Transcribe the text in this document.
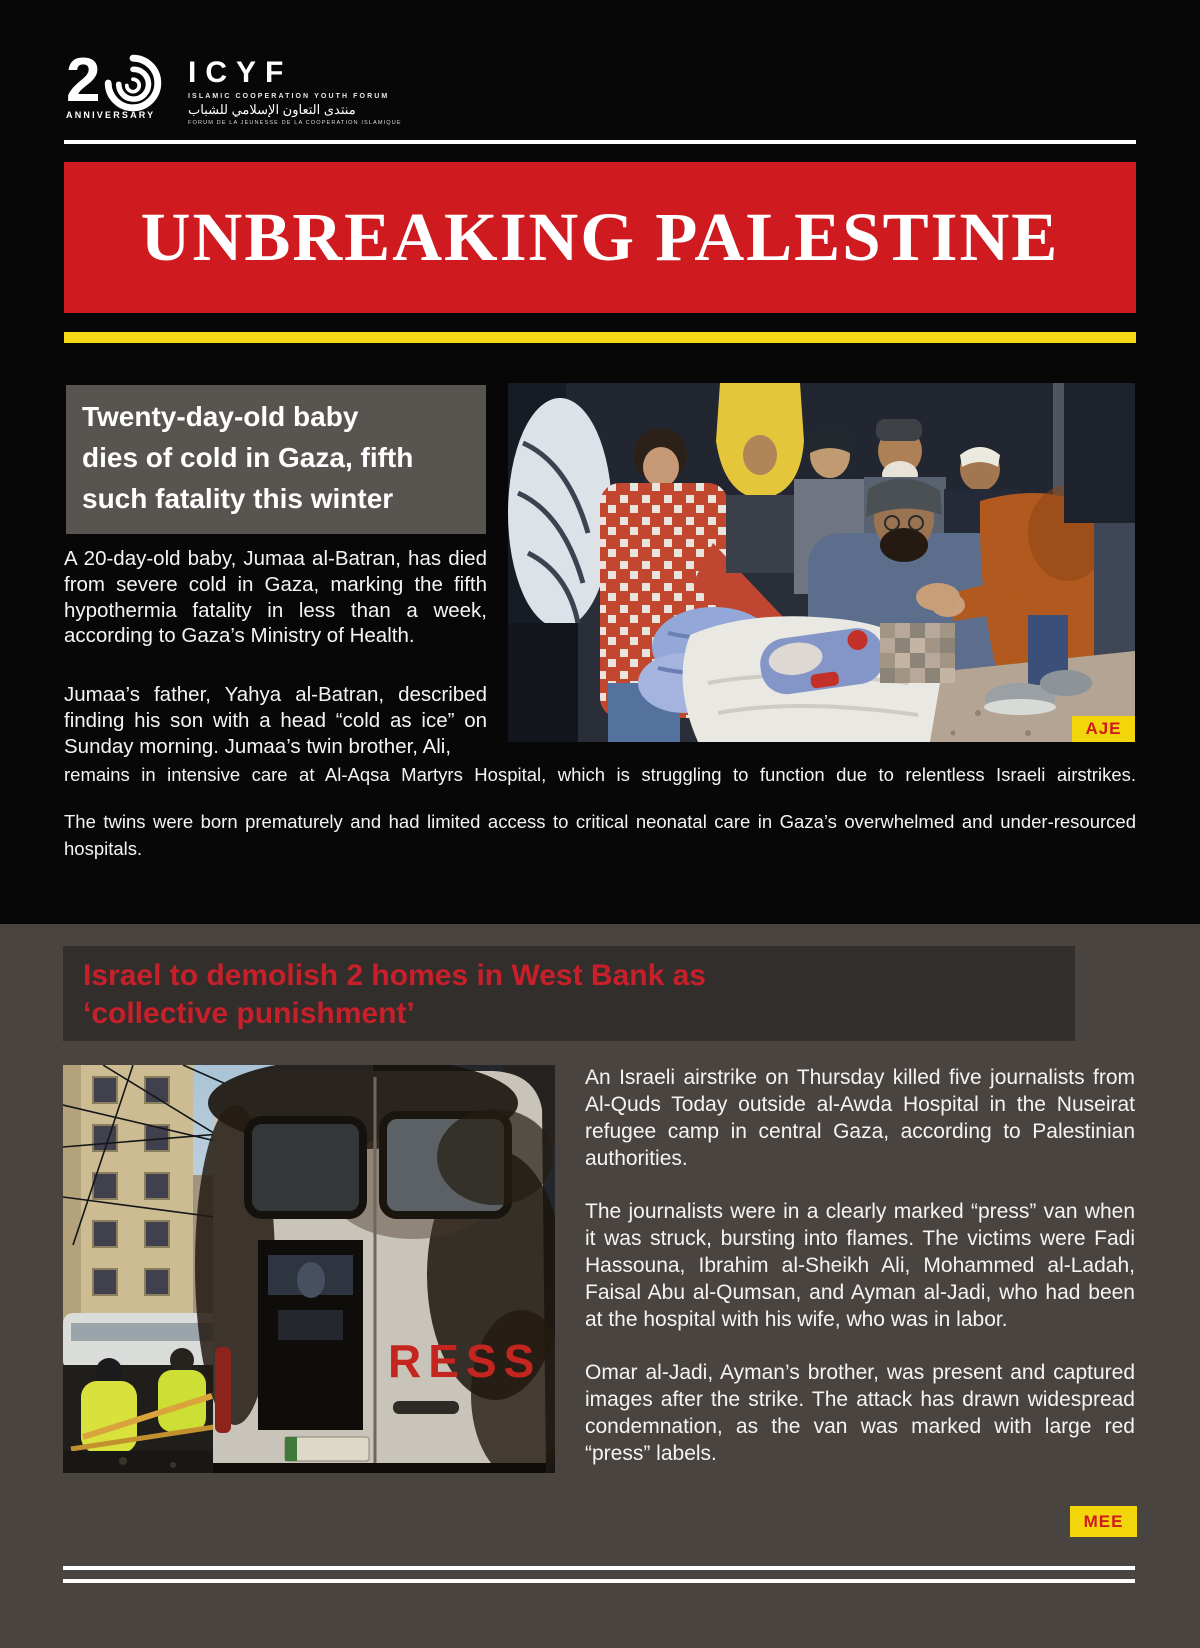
2
ANNIVERSARY
ICYF
ISLAMIC COOPERATION YOUTH FORUM
منتدى التعاون الإسلامي للشباب
FORUM DE LA JEUNESSE DE LA COOPERATION ISLAMIQUE
UNBREAKING PALESTINE
Twenty-day-old baby
dies of cold in Gaza, fifth
such fatality this winter
AJE

A 20-day-old baby, Jumaa al-Batran, has died from severe cold in Gaza, marking the fifth hypothermia fatality in less than a week, according to Gaza’s Ministry of Health.

Jumaa’s father, Yahya al-Batran, described finding his son with a head “cold as ice” on Sunday morning. Jumaa’s twin brother, Ali,

remains in intensive care at Al-Aqsa Martyrs Hospital, which is struggling to function due to relentless Israeli airstrikes.
The twins were born prematurely and had limited access to critical neonatal care in Gaza’s overwhelmed and under-resourced hospitals.
Israel to demolish 2 homes in West Bank as
‘collective punishment’
RESS

An Israeli airstrike on Thursday killed five journalists from Al-Quds Today outside al-Awda Hospital in the Nuseirat refugee camp in central Gaza, according to Palestinian authorities.

The journalists were in a clearly marked “press” van when it was struck, bursting into flames. The victims were Fadi Hassouna, Ibrahim al-Sheikh Ali, Mohammed al-Ladah, Faisal Abu al-Qumsan, and Ayman al-Jadi, who had been at the hospital with his wife, who was in labor.

Omar al-Jadi, Ayman’s brother, was present and captured images after the strike. The attack has drawn widespread condemnation, as the van was marked with large red “press” labels.

MEE
